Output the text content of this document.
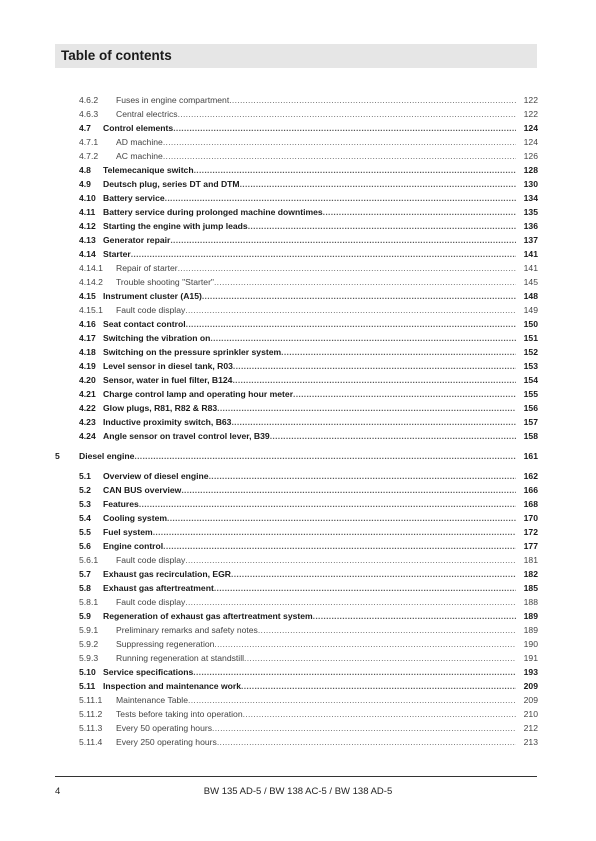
Table of contents
4.6.2	Fuses in engine compartment .....	122
4.6.3	Central electrics .....	122
4.7	Control elements .....	124
4.7.1	AD machine .....	124
4.7.2	AC machine .....	126
4.8	Telemecanique switch .....	128
4.9	Deutsch plug, series DT and DTM .....	130
4.10 Battery service .....	134
4.11 Battery service during prolonged machine downtimes .....	135
4.12 Starting the engine with jump leads .....	136
4.13 Generator repair .....	137
4.14 Starter .....	141
4.14.1	Repair of starter .....	141
4.14.2	Trouble shooting "Starter" .....	145
4.15 Instrument cluster (A15) .....	148
4.15.1	Fault code display .....	149
4.16 Seat contact control .....	150
4.17 Switching the vibration on .....	151
4.18 Switching on the pressure sprinkler system .....	152
4.19 Level sensor in diesel tank, R03 .....	153
4.20 Sensor, water in fuel filter, B124 .....	154
4.21 Charge control lamp and operating hour meter .....	155
4.22 Glow plugs, R81, R82 & R83 .....	156
4.23 Inductive proximity switch, B63 .....	157
4.24 Angle sensor on travel control lever, B39 .....	158
5 Diesel engine .....	161
5.1	Overview of diesel engine .....	162
5.2	CAN BUS overview .....	166
5.3	Features .....	168
5.4	Cooling system .....	170
5.5	Fuel system .....	172
5.6	Engine control .....	177
5.6.1	Fault code display .....	181
5.7	Exhaust gas recirculation, EGR .....	182
5.8	Exhaust gas aftertreatment .....	185
5.8.1	Fault code display .....	188
5.9	Regeneration of exhaust gas aftertreatment system .....	189
5.9.1	Preliminary remarks and safety notes .....	189
5.9.2	Suppressing regeneration .....	190
5.9.3	Running regeneration at standstill .....	191
5.10 Service specifications .....	193
5.11 Inspection and maintenance work .....	209
5.11.1	Maintenance Table .....	209
5.11.2	Tests before taking into operation .....	210
5.11.3	Every 50 operating hours .....	212
5.11.4	Every 250 operating hours .....	213
4	BW 135 AD-5 / BW 138 AC-5 / BW 138 AD-5
